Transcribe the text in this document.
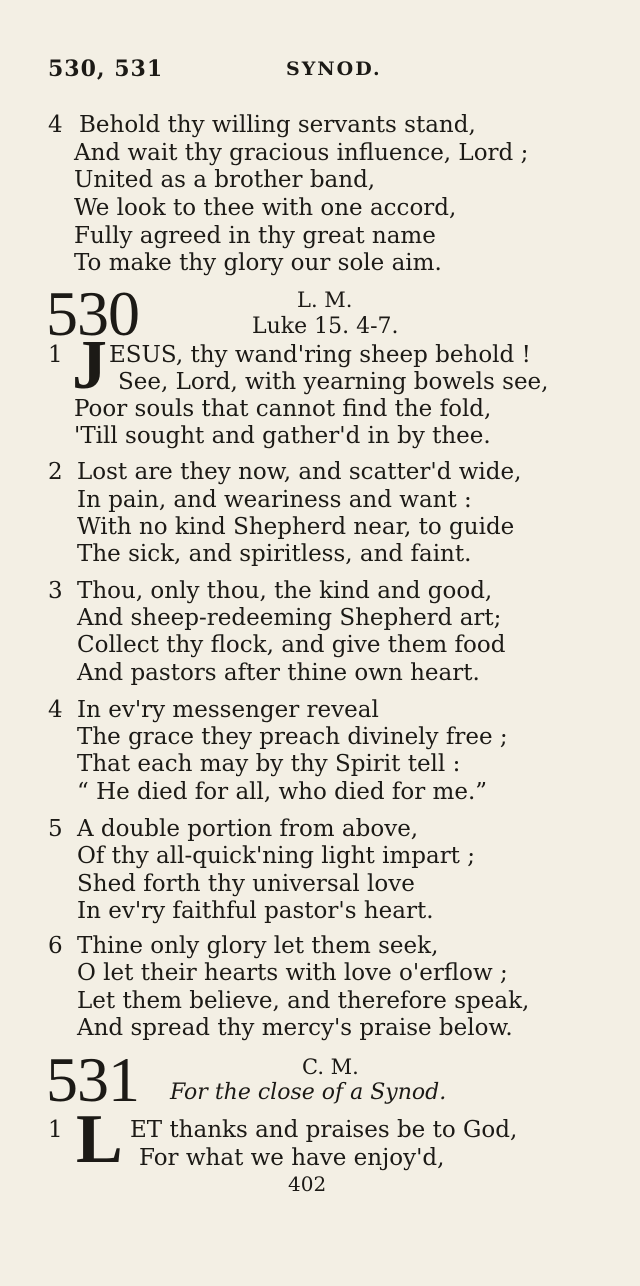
530, 531	SYNOD.
4 Behold thy willing servants stand,
And wait thy gracious influence, Lord ;
United as a brother band,
We look to thee with one accord,
Fully agreed in thy great name
To make thy glory our sole aim.
530	L. M.
Luke 15. 4-7.
1 J ESUS, thy wand'ring sheep behold !
See, Lord, with yearning bowels see,
Poor souls that cannot find the fold,
'Till sought and gather'd in by thee.
2 Lost are they now, and scatter'd wide,
In pain, and weariness and want :
With no kind Shepherd near, to guide
The sick, and spiritless, and faint.
3 Thou, only thou, the kind and good,
And sheep-redeeming Shepherd art;
Collect thy flock, and give them food
And pastors after thine own heart.
4 In ev'ry messenger reveal
The grace they preach divinely free ;
That each may by thy Spirit tell :
“ He died for all, who died for me.”
5 A double portion from above,
Of thy all-quick'ning light impart ;
Shed forth thy universal love
In ev'ry faithful pastor's heart.
6 Thine only glory let them seek,
O let their hearts with love o'erflow ;
Let them believe, and therefore speak,
And spread thy mercy's praise below.
531	C. M.
For the close of a Synod.
1 L ET thanks and praises be to God,
For what we have enjoy'd,
402
